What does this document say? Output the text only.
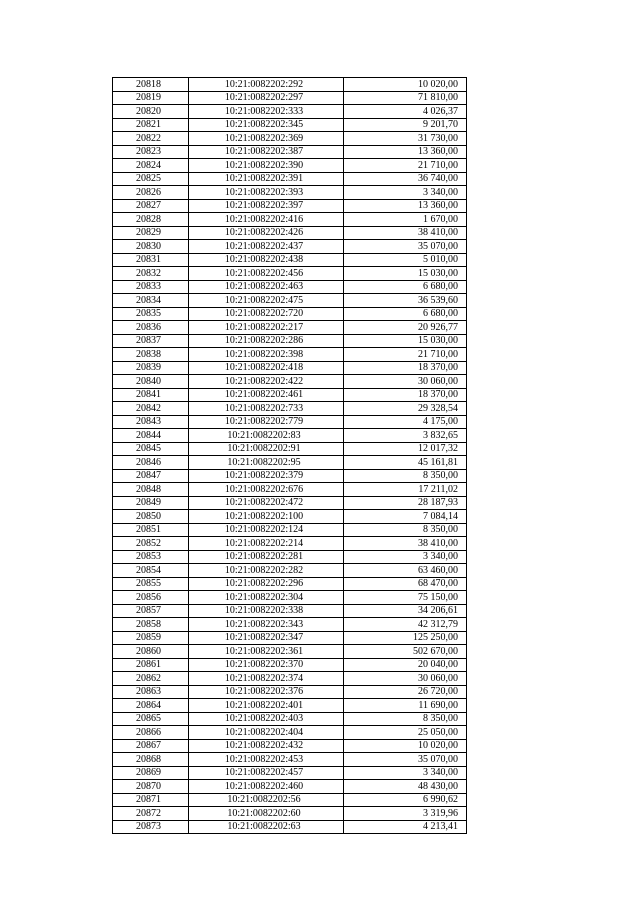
20818	10:21:0082202:292	10 020,00
20819	10:21:0082202:297	71 810,00
20820	10:21:0082202:333	4 026,37
20821	10:21:0082202:345	9 201,70
20822	10:21:0082202:369	31 730,00
20823	10:21:0082202:387	13 360,00
20824	10:21:0082202:390	21 710,00
20825	10:21:0082202:391	36 740,00
20826	10:21:0082202:393	3 340,00
20827	10:21:0082202:397	13 360,00
20828	10:21:0082202:416	1 670,00
20829	10:21:0082202:426	38 410,00
20830	10:21:0082202:437	35 070,00
20831	10:21:0082202:438	5 010,00
20832	10:21:0082202:456	15 030,00
20833	10:21:0082202:463	6 680,00
20834	10:21:0082202:475	36 539,60
20835	10:21:0082202:720	6 680,00
20836	10:21:0082202:217	20 926,77
20837	10:21:0082202:286	15 030,00
20838	10:21:0082202:398	21 710,00
20839	10:21:0082202:418	18 370,00
20840	10:21:0082202:422	30 060,00
20841	10:21:0082202:461	18 370,00
20842	10:21:0082202:733	29 328,54
20843	10:21:0082202:779	4 175,00
20844	10:21:0082202:83	3 832,65
20845	10:21:0082202:91	12 017,32
20846	10:21:0082202:95	45 161,81
20847	10:21:0082202:379	8 350,00
20848	10:21:0082202:676	17 211,02
20849	10:21:0082202:472	28 187,93
20850	10:21:0082202:100	7 084,14
20851	10:21:0082202:124	8 350,00
20852	10:21:0082202:214	38 410,00
20853	10:21:0082202:281	3 340,00
20854	10:21:0082202:282	63 460,00
20855	10:21:0082202:296	68 470,00
20856	10:21:0082202:304	75 150,00
20857	10:21:0082202:338	34 206,61
20858	10:21:0082202:343	42 312,79
20859	10:21:0082202:347	125 250,00
20860	10:21:0082202:361	502 670,00
20861	10:21:0082202:370	20 040,00
20862	10:21:0082202:374	30 060,00
20863	10:21:0082202:376	26 720,00
20864	10:21:0082202:401	11 690,00
20865	10:21:0082202:403	8 350,00
20866	10:21:0082202:404	25 050,00
20867	10:21:0082202:432	10 020,00
20868	10:21:0082202:453	35 070,00
20869	10:21:0082202:457	3 340,00
20870	10:21:0082202:460	48 430,00
20871	10:21:0082202:56	6 990,62
20872	10:21:0082202:60	3 319,96
20873	10:21:0082202:63	4 213,41
